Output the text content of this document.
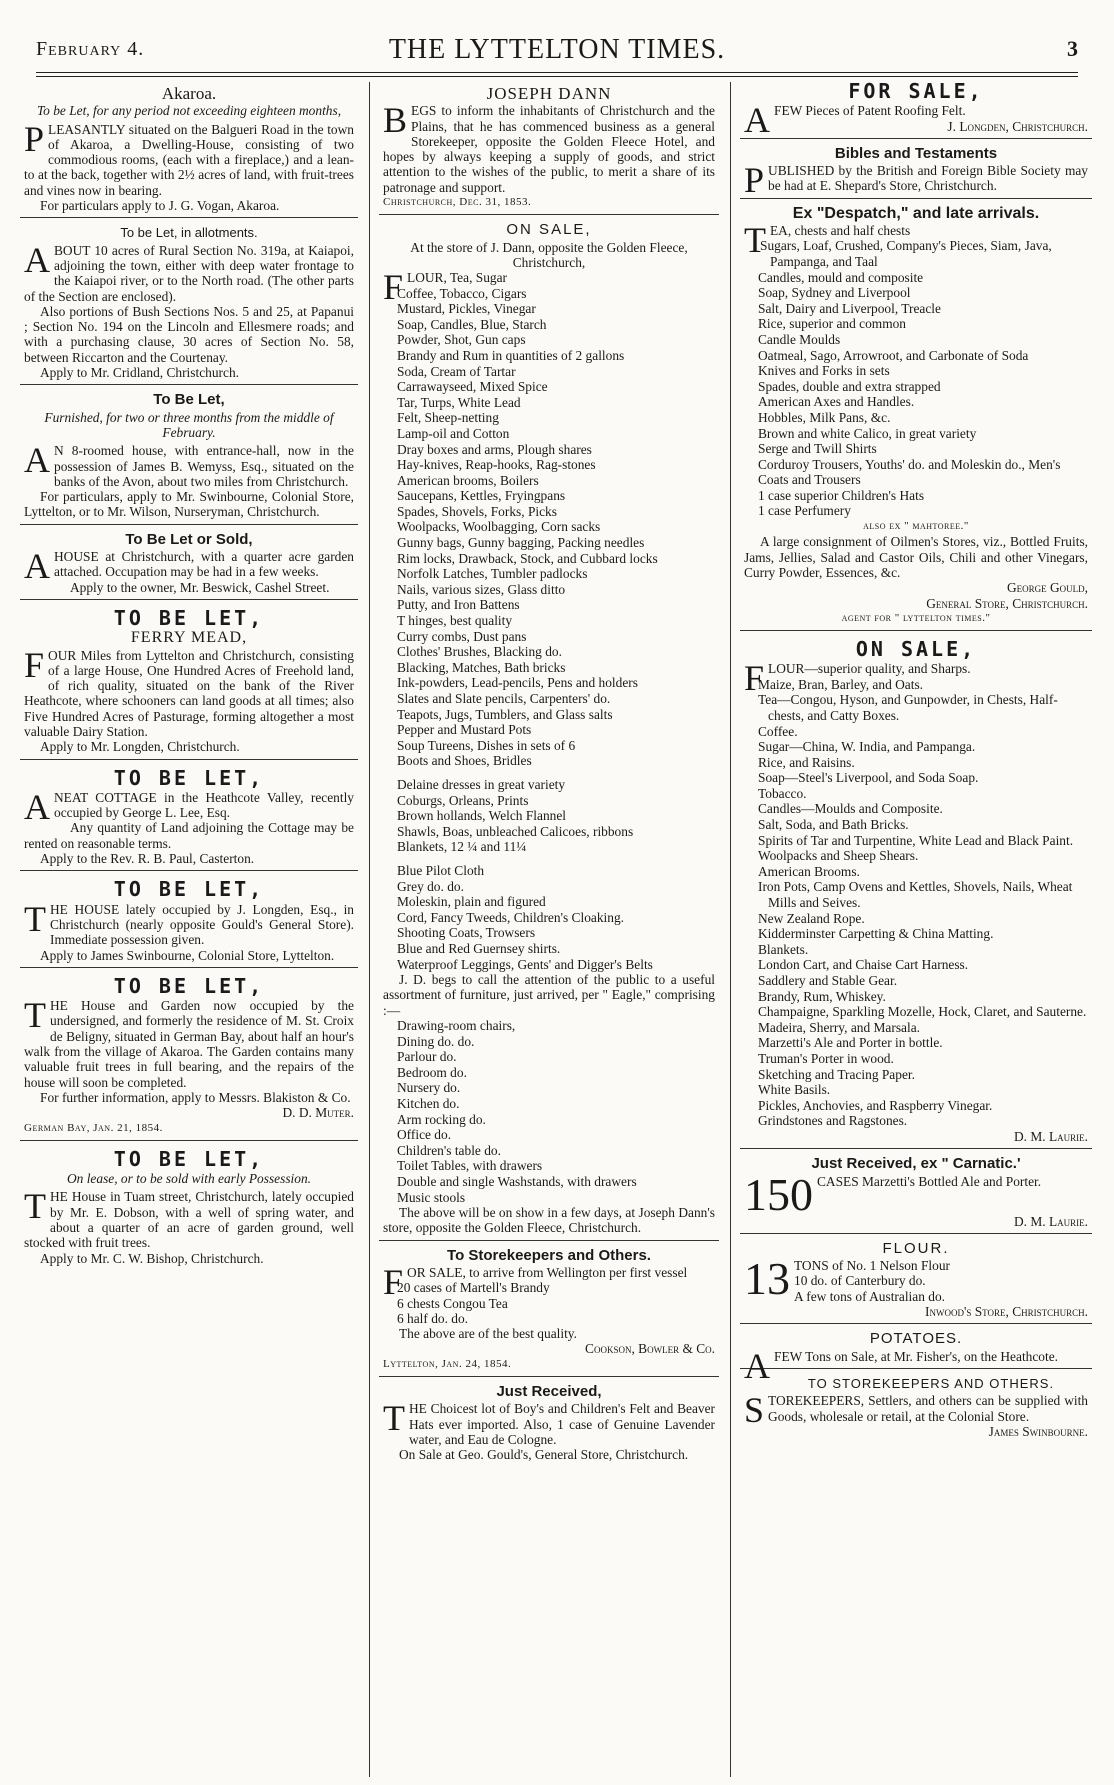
February 4.	THE LYTTELTON TIMES.	3
Akaroa.
To be Let, for any period not exceeding eighteen months,

PLEASANTLY situated on the Balgueri Road in the town of Akaroa, a Dwelling-House, consisting of two commodious rooms, (each with a fireplace,) and a lean-to at the back, together with 2½ acres of land, with fruit-trees and vines now in bearing.

For particulars apply to J. G. Vogan, Akaroa.

To be Let, in allotments.

ABOUT 10 acres of Rural Section No. 319a, at Kaiapoi, adjoining the town, either with deep water frontage to the Kaiapoi river, or to the North road. (The other parts of the Section are enclosed).

Also portions of Bush Sections Nos. 5 and 25, at Papanui ; Section No. 194 on the Lincoln and Ellesmere roads; and with a purchasing clause, 30 acres of Section No. 58, between Riccarton and the Courtenay.

Apply to Mr. Cridland, Christchurch.

To Be Let,
Furnished, for two or three months from the middle of February.

A N 8-roomed house, with entrance-hall, now in the possession of James B. Wemyss, Esq., situated on the banks of the Avon, about two miles from Christchurch.

For particulars, apply to Mr. Swinbourne, Colonial Store, Lyttelton, or to Mr. Wilson, Nurseryman, Christchurch.

To Be Let or Sold,

AHOUSE at Christchurch, with a quarter acre garden attached. Occupation may be had in a few weeks.

Apply to the owner, Mr. Beswick, Cashel Street.

TO BE LET,
FERRY MEAD,

FOUR Miles from Lyttelton and Christchurch, consisting of a large House, One Hundred Acres of Freehold land, of rich quality, situated on the bank of the River Heathcote, where schooners can land goods at all times; also Five Hundred Acres of Pasturage, forming altogether a most valuable Dairy Station.

Apply to Mr. Longden, Christchurch.

TO BE LET,

ANEAT COTTAGE in the Heathcote Valley, recently occupied by George L. Lee, Esq.

Any quantity of Land adjoining the Cottage may be rented on reasonable terms.

Apply to the Rev. R. B. Paul, Casterton.

TO BE LET,

THE HOUSE lately occupied by J. Longden, Esq., in Christchurch (nearly opposite Gould's General Store). Immediate possession given.

Apply to James Swinbourne, Colonial Store, Lyttelton.

TO BE LET,

THE House and Garden now occupied by the undersigned, and formerly the residence of M. St. Croix de Beligny, situated in German Bay, about half an hour's walk from the village of Akaroa. The Garden contains many valuable fruit trees in full bearing, and the repairs of the house will soon be completed.

For further information, apply to Messrs. Blakiston & Co.

D. D. Muter.

German Bay, Jan. 21, 1854.

TO BE LET,
On lease, or to be sold with early Possession.

THE House in Tuam street, Christchurch, lately occupied by Mr. E. Dobson, with a well of spring water, and about a quarter of an acre of garden ground, well stocked with fruit trees.

Apply to Mr. C. W. Bishop, Christchurch.

JOSEPH DANN

BEGS to inform the inhabitants of Christchurch and the Plains, that he has commenced business as a general Storekeeper, opposite the Golden Fleece Hotel, and hopes by always keeping a supply of goods, and strict attention to the wishes of the public, to merit a share of its patronage and support.

Christchurch, Dec. 31, 1853.

ON SALE,

At the store of J. Dann, opposite the Golden Fleece, Christchurch,

FLOUR, Tea, Sugar

Coffee, Tobacco, Cigars
Mustard, Pickles, Vinegar
Soap, Candles, Blue, Starch
Powder, Shot, Gun caps
Brandy and Rum in quantities of 2 gallons
Soda, Cream of Tartar
Carrawayseed, Mixed Spice
Tar, Turps, White Lead
Felt, Sheep-netting
Lamp-oil and Cotton
Dray boxes and arms, Plough shares
Hay-knives, Reap-hooks, Rag-stones
American brooms, Boilers
Saucepans, Kettles, Fryingpans
Spades, Shovels, Forks, Picks
Woolpacks, Woolbagging, Corn sacks
Gunny bags, Gunny bagging, Packing needles
Rim locks, Drawback, Stock, and Cubbard locks
Norfolk Latches, Tumbler padlocks
Nails, various sizes, Glass ditto
Putty, and Iron Battens
T hinges, best quality
Curry combs, Dust pans
Clothes' Brushes, Blacking do.
Blacking, Matches, Bath bricks
Ink-powders, Lead-pencils, Pens and holders
Slates and Slate pencils, Carpenters' do.
Teapots, Jugs, Tumblers, and Glass salts
Pepper and Mustard Pots
Soup Tureens, Dishes in sets of 6
Boots and Shoes, Bridles
Delaine dresses in great variety
Coburgs, Orleans, Prints
Brown hollands, Welch Flannel
Shawls, Boas, unbleached Calicoes, ribbons
Blankets, 12 ¼ and 11¼
Blue Pilot Cloth
Grey do. do.
Moleskin, plain and figured
Cord, Fancy Tweeds, Children's Cloaking.
Shooting Coats, Trowsers
Blue and Red Guernsey shirts.
Waterproof Leggings, Gents' and Digger's Belts

J. D. begs to call the attention of the public to a useful assortment of furniture, just arrived, per " Eagle," comprising :—

Drawing-room chairs,
Dining do. do.
Parlour do.
Bedroom do.
Nursery do.
Kitchen do.
Arm rocking do.
Office do.
Children's table do.
Toilet Tables, with drawers
Double and single Washstands, with drawers
Music stools

The above will be on show in a few days, at Joseph Dann's store, opposite the Golden Fleece, Christchurch.

To Storekeepers and Others.

FOR SALE, to arrive from Wellington per first vessel

20 cases of Martell's Brandy
6 chests Congou Tea
6 half do. do.

The above are of the best quality.

Cookson, Bowler & Co.

Lyttelton, Jan. 24, 1854.

Just Received,

THE Choicest lot of Boy's and Children's Felt and Beaver Hats ever imported. Also, 1 case of Genuine Lavender water, and Eau de Cologne.

On Sale at Geo. Gould's, General Store, Christchurch.

FOR SALE,

AFEW Pieces of Patent Roofing Felt.

J. Longden, Christchurch.

Bibles and Testaments

PUBLISHED by the British and Foreign Bible Society may be had at E. Shepard's Store, Christchurch.

Ex "Despatch," and late arrivals.

TEA, chests and half chests

Sugars, Loaf, Crushed, Company's Pieces, Siam, Java, Pampanga, and Taal
Candles, mould and composite
Soap, Sydney and Liverpool
Salt, Dairy and Liverpool, Treacle
Rice, superior and common
Candle Moulds
Oatmeal, Sago, Arrowroot, and Carbonate of Soda
Knives and Forks in sets
Spades, double and extra strapped
American Axes and Handles.
Hobbles, Milk Pans, &c.
Brown and white Calico, in great variety
Serge and Twill Shirts
Corduroy Trousers, Youths' do. and Moleskin do., Men's
Coats and Trousers
1 case superior Children's Hats
1 case Perfumery

also ex " mahtoree."

A large consignment of Oilmen's Stores, viz., Bottled Fruits, Jams, Jellies, Salad and Castor Oils, Chili and other Vinegars, Curry Powder, Essences, &c.

George Gould,

General Store, Christchurch.

agent for " lyttelton times."

ON SALE,

FLOUR—superior quality, and Sharps.

Maize, Bran, Barley, and Oats.
Tea—Congou, Hyson, and Gunpowder, in Chests, Half-chests, and Catty Boxes.
Coffee.
Sugar—China, W. India, and Pampanga.
Rice, and Raisins.
Soap—Steel's Liverpool, and Soda Soap.
Tobacco.
Candles—Moulds and Composite.
Salt, Soda, and Bath Bricks.
Spirits of Tar and Turpentine, White Lead and Black Paint.
Woolpacks and Sheep Shears.
American Brooms.
Iron Pots, Camp Ovens and Kettles, Shovels, Nails, Wheat Mills and Seives.
New Zealand Rope.
Kidderminster Carpetting & China Matting.
Blankets.
London Cart, and Chaise Cart Harness.
Saddlery and Stable Gear.
Brandy, Rum, Whiskey.
Champaigne, Sparkling Mozelle, Hock, Claret, and Sauterne.
Madeira, Sherry, and Marsala.
Marzetti's Ale and Porter in bottle.
Truman's Porter in wood.
Sketching and Tracing Paper.
White Basils.
Pickles, Anchovies, and Raspberry Vinegar.
Grindstones and Ragstones.

D. M. Laurie.

Just Received, ex " Carnatic.'

150 CASES Marzetti's Bottled Ale and Porter.

D. M. Laurie.

FLOUR.

13 TONS of No. 1 Nelson Flour

10 do. of Canterbury do.

A few tons of Australian do.

Inwood's Store, Christchurch.

POTATOES.

AFEW Tons on Sale, at Mr. Fisher's, on the Heathcote.

TO STOREKEEPERS AND OTHERS.

STOREKEEPERS, Settlers, and others can be supplied with Goods, wholesale or retail, at the Colonial Store.

James Swinbourne.
